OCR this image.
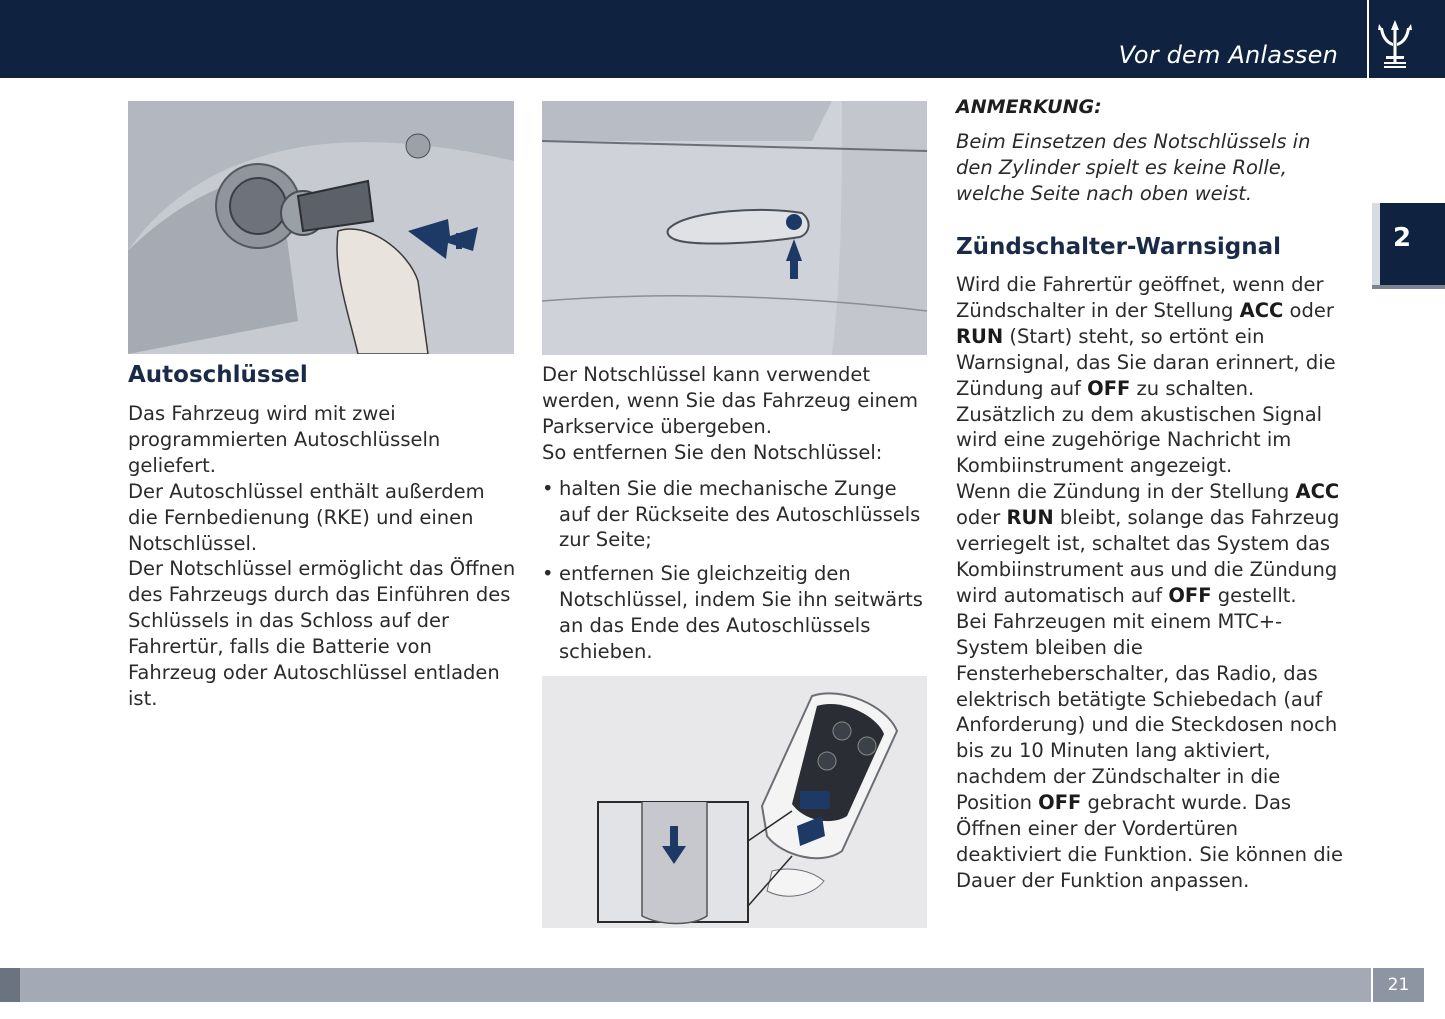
Vor dem Anlassen
2
Autoschlüssel

Das Fahrzeug wird mit zwei programmierten Autoschlüsseln geliefert.

Der Autoschlüssel enthält außerdem die Fernbedienung (RKE) und einen Notschlüssel.

Der Notschlüssel ermöglicht das Öffnen des Fahrzeugs durch das Einführen des Schlüssels in das Schloss auf der Fahrertür, falls die Batterie von Fahrzeug oder Autoschlüssel entladen ist.

Der Notschlüssel kann verwendet werden, wenn Sie das Fahrzeug einem Parkservice übergeben.

So entfernen Sie den Notschlüssel:

• halten Sie die mechanische Zunge auf der Rückseite des Autoschlüssels zur Seite;
• entfernen Sie gleichzeitig den Notschlüssel, indem Sie ihn seitwärts an das Ende des Autoschlüssels schieben.
ANMERKUNG:
Beim Einsetzen des Notschlüssels in den Zylinder spielt es keine Rolle, welche Seite nach oben weist.
Zündschalter-Warnsignal

Wird die Fahrertür geöffnet, wenn der Zündschalter in der Stellung ACC oder RUN (Start) steht, so ertönt ein Warnsignal, das Sie daran erinnert, die Zündung auf OFF zu schalten.

Zusätzlich zu dem akustischen Signal wird eine zugehörige Nachricht im Kombiinstrument angezeigt.

Wenn die Zündung in der Stellung ACC oder RUN bleibt, solange das Fahrzeug verriegelt ist, schaltet das System das Kombiinstrument aus und die Zündung wird automatisch auf OFF gestellt.

Bei Fahrzeugen mit einem MTC+-System bleiben die Fensterheberschalter, das Radio, das elektrisch betätigte Schiebedach (auf Anforderung) und die Steckdosen noch bis zu 10 Minuten lang aktiviert, nachdem der Zündschalter in die Position OFF gebracht wurde. Das Öffnen einer der Vordertüren deaktiviert die Funktion. Sie können die Dauer der Funktion anpassen.

21
